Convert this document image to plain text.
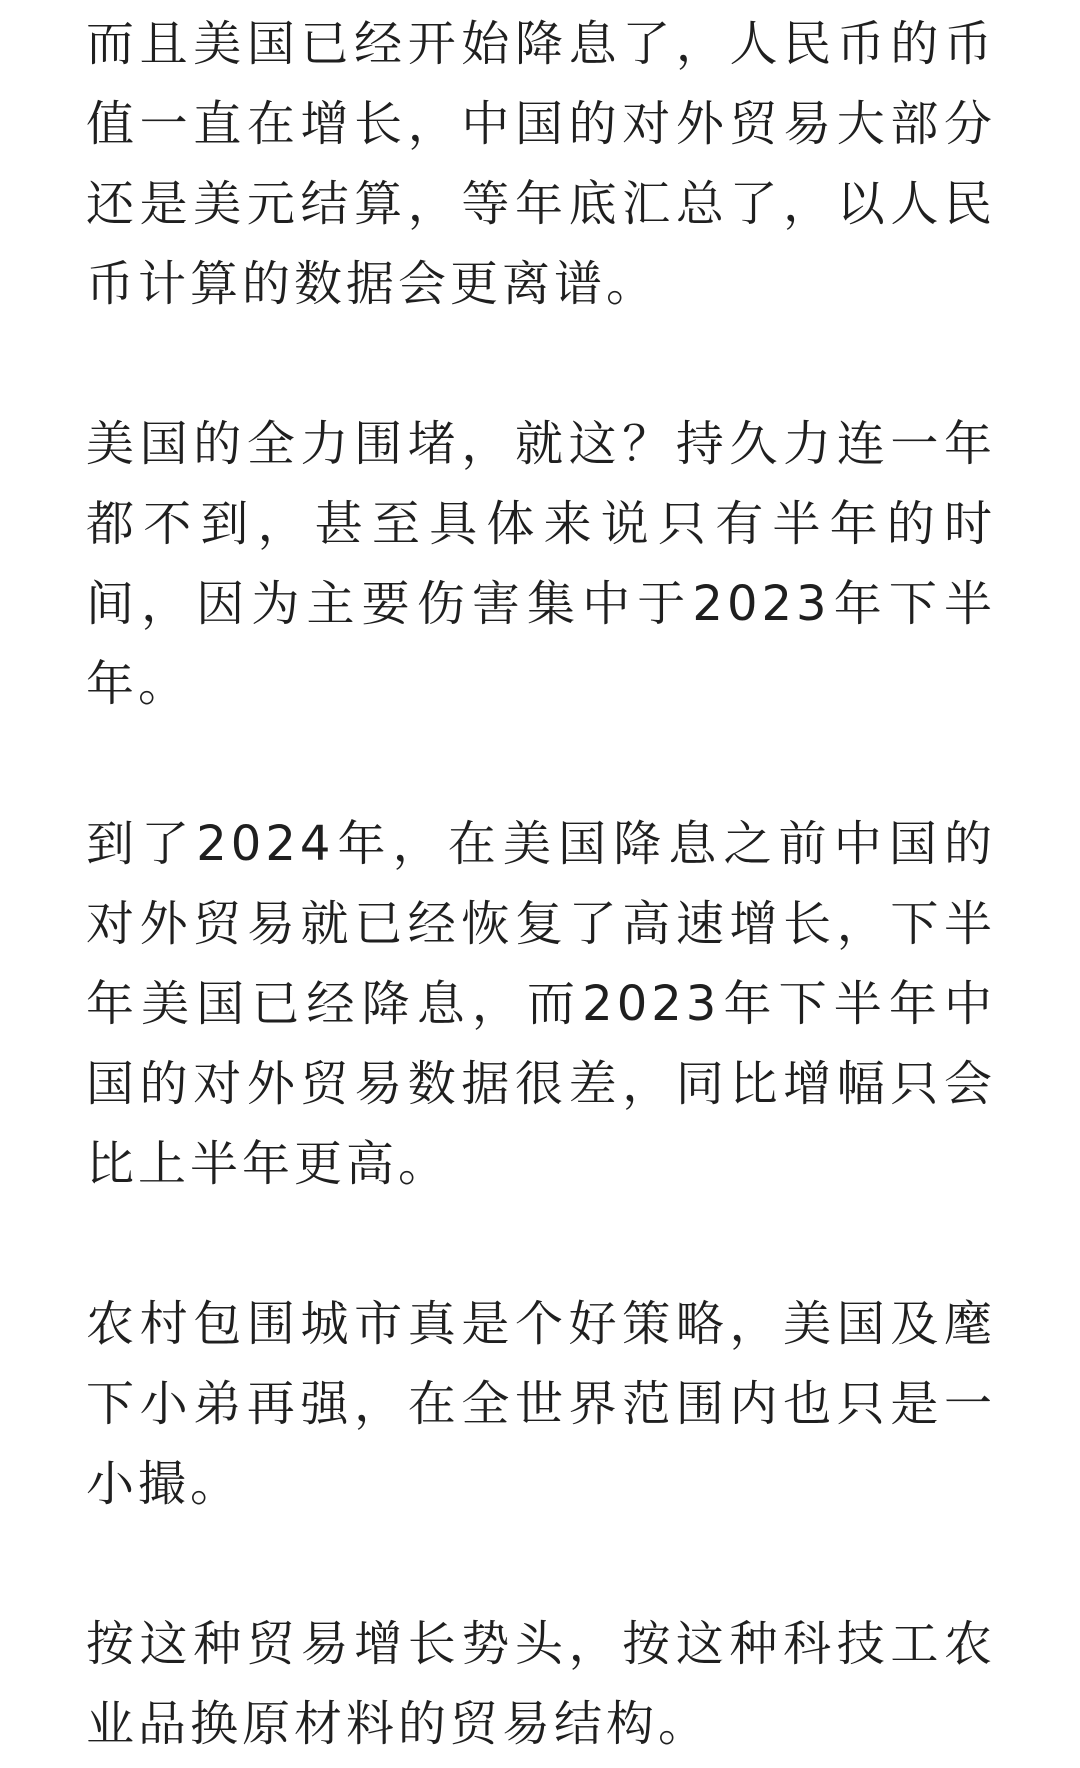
而且美国已经开始降息了，人民币的币值一直在增长，中国的对外贸易大部分还是美元结算，等年底汇总了，以人民币计算的数据会更离谱。

美国的全力围堵，就这？持久力连一年都不到，甚至具体来说只有半年的时间，因为主要伤害集中于2023年下半年。

到了2024年，在美国降息之前中国的对外贸易就已经恢复了高速增长，下半年美国已经降息，而2023年下半年中国的对外贸易数据很差，同比增幅只会比上半年更高。

农村包围城市真是个好策略，美国及麾下小弟再强，在全世界范围内也只是一小撮。

按这种贸易增长势头，按这种科技工农业品换原材料的贸易结构。
